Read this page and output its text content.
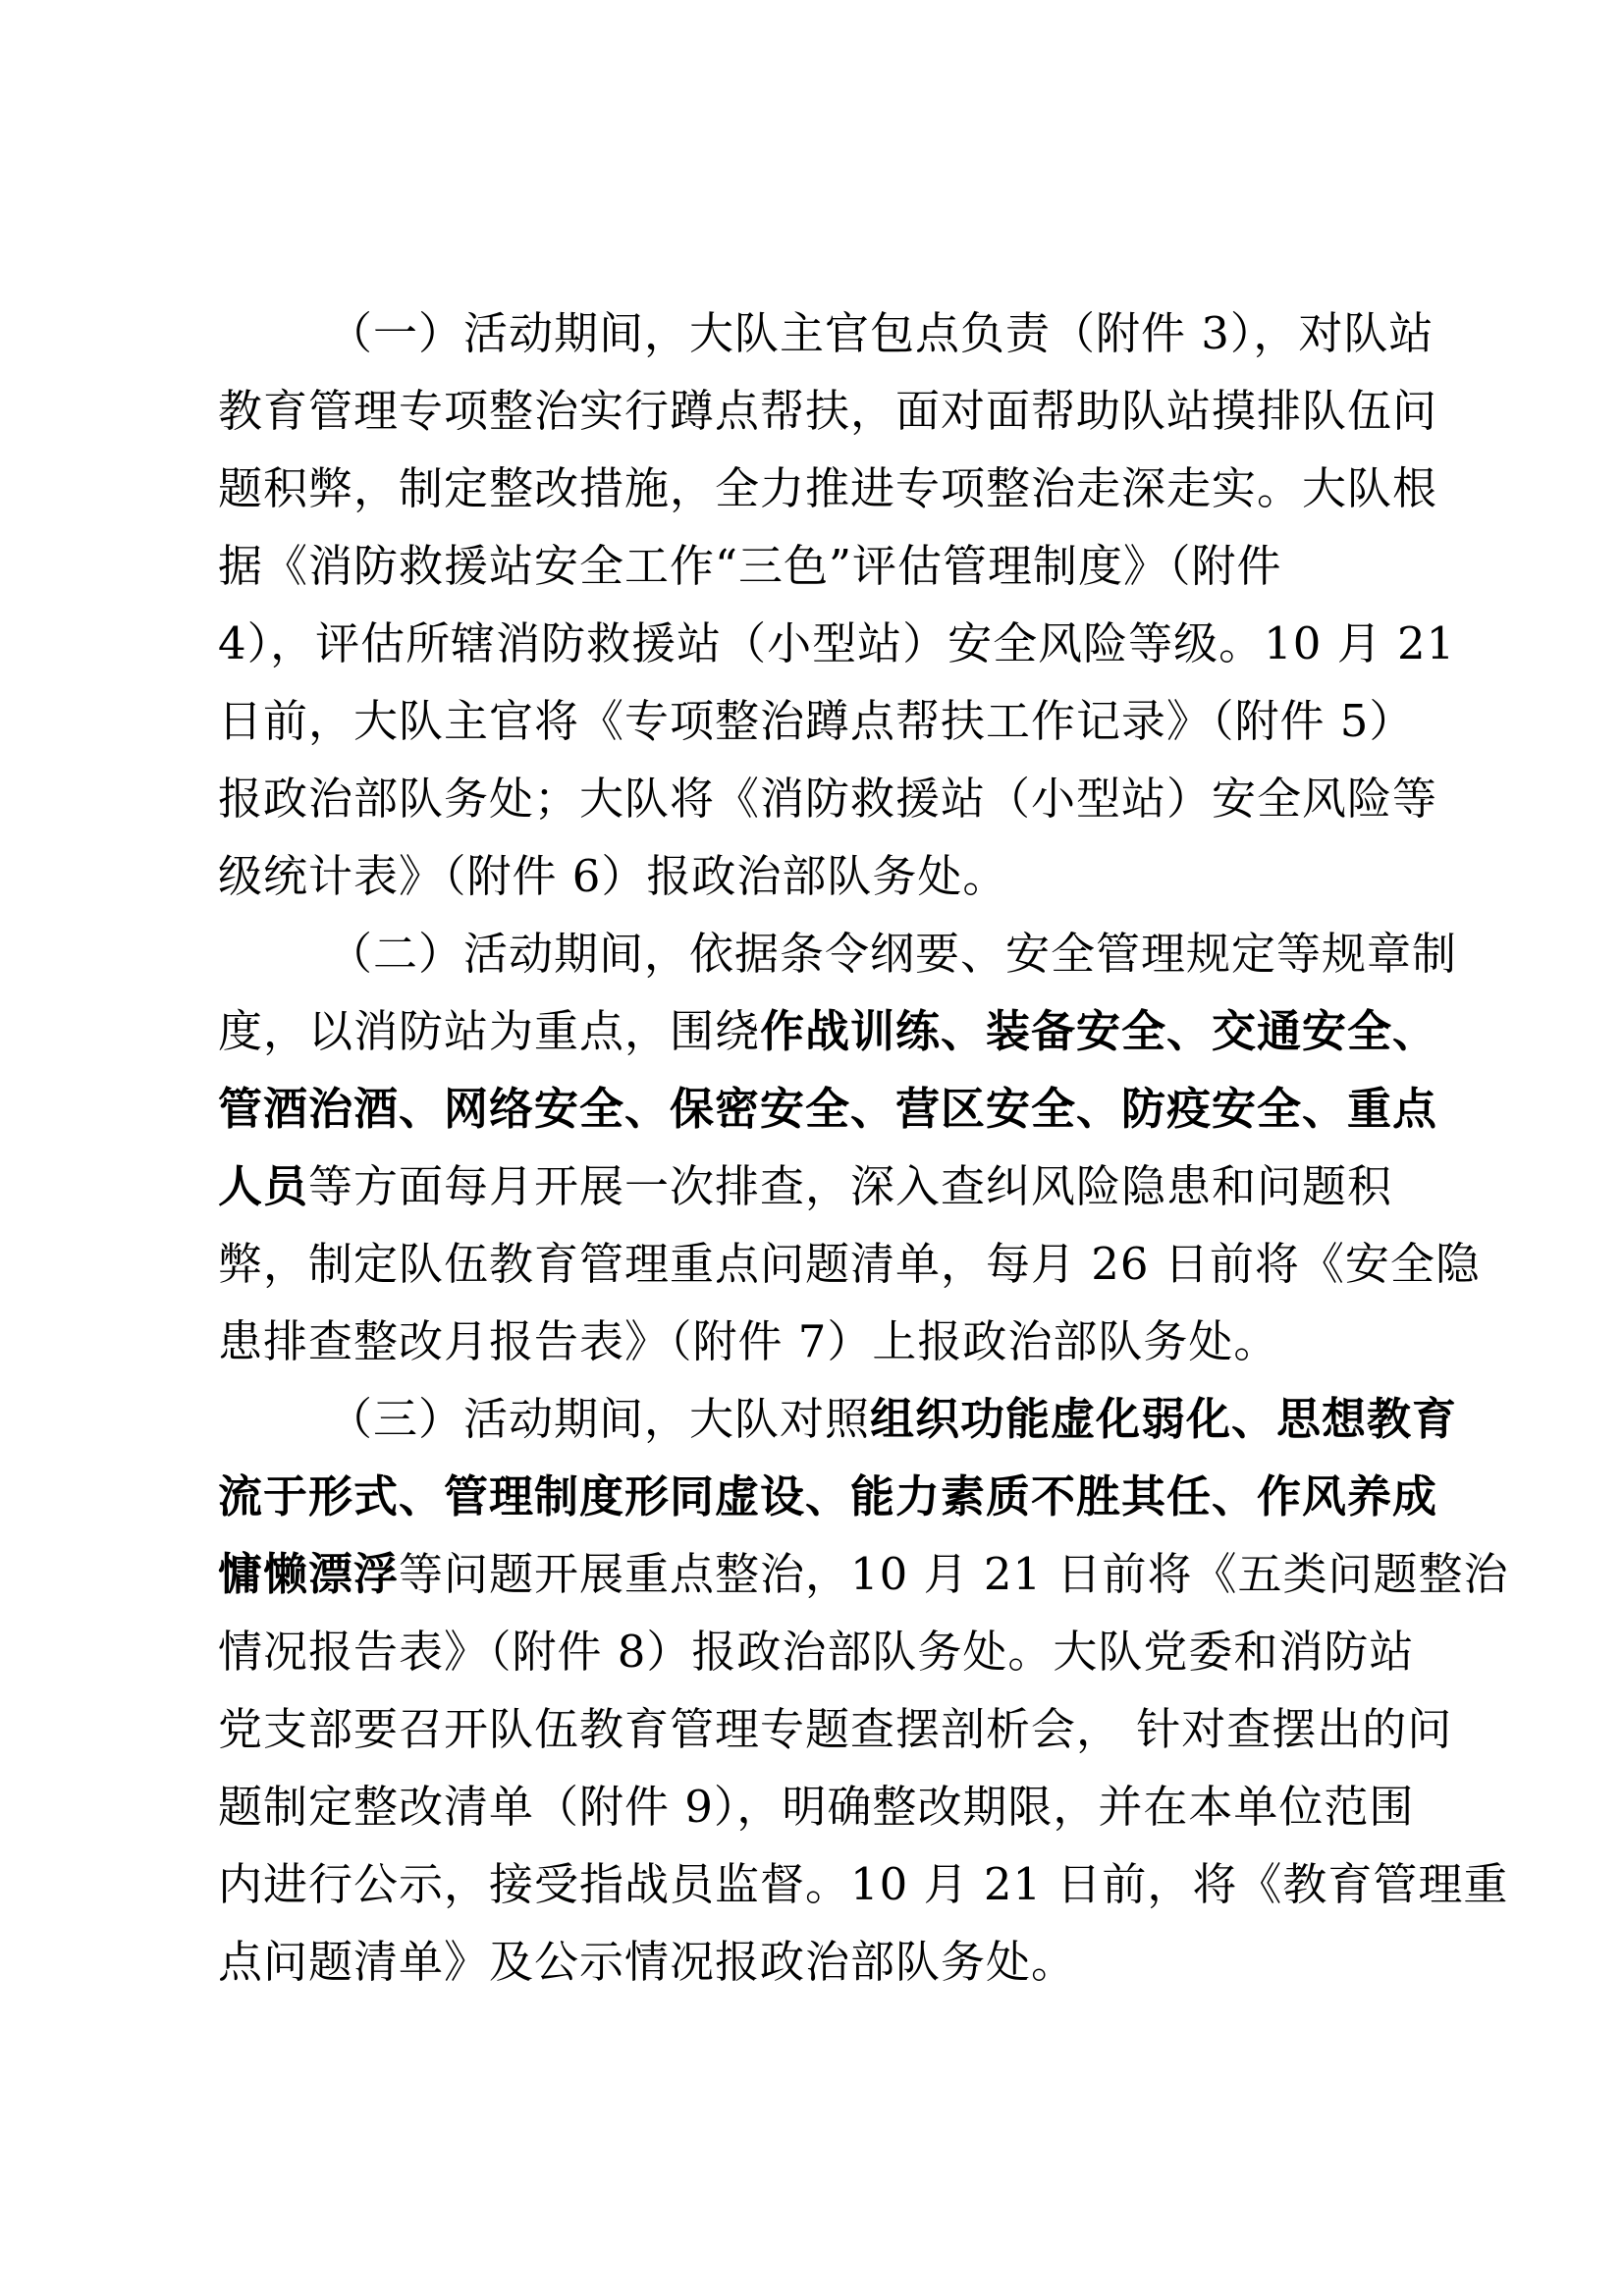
（一）活动期间，大队主官包点负责（附件 3），对队站
教育管理专项整治实行蹲点帮扶，面对面帮助队站摸排队伍问
题积弊，制定整改措施，全力推进专项整治走深走实。大队根
据《消防救援站安全工作“三色”评估管理制度》（附件
4），评估所辖消防救援站（小型站）安全风险等级。10 月 21
日前，大队主官将《专项整治蹲点帮扶工作记录》（附件 5）
报政治部队务处；大队将《消防救援站（小型站）安全风险等
级统计表》（附件 6）报政治部队务处。
（二）活动期间，依据条令纲要、安全管理规定等规章制
度，以消防站为重点，围绕作战训练、装备安全、交通安全、
管酒治酒、网络安全、保密安全、营区安全、防疫安全、重点
人员等方面每月开展一次排查，深入查纠风险隐患和问题积
弊，制定队伍教育管理重点问题清单，每月 26 日前将《安全隐
患排查整改月报告表》（附件 7）上报政治部队务处。
（三）活动期间，大队对照组织功能虚化弱化、思想教育
流于形式、管理制度形同虚设、能力素质不胜其任、作风养成
慵懒漂浮等问题开展重点整治，10 月 21 日前将《五类问题整治
情况报告表》（附件 8）报政治部队务处。大队党委和消防站
党支部要召开队伍教育管理专题查摆剖析会， 针对查摆出的问
题制定整改清单（附件 9），明确整改期限，并在本单位范围
内进行公示，接受指战员监督。10 月 21 日前，将《教育管理重
点问题清单》及公示情况报政治部队务处。
